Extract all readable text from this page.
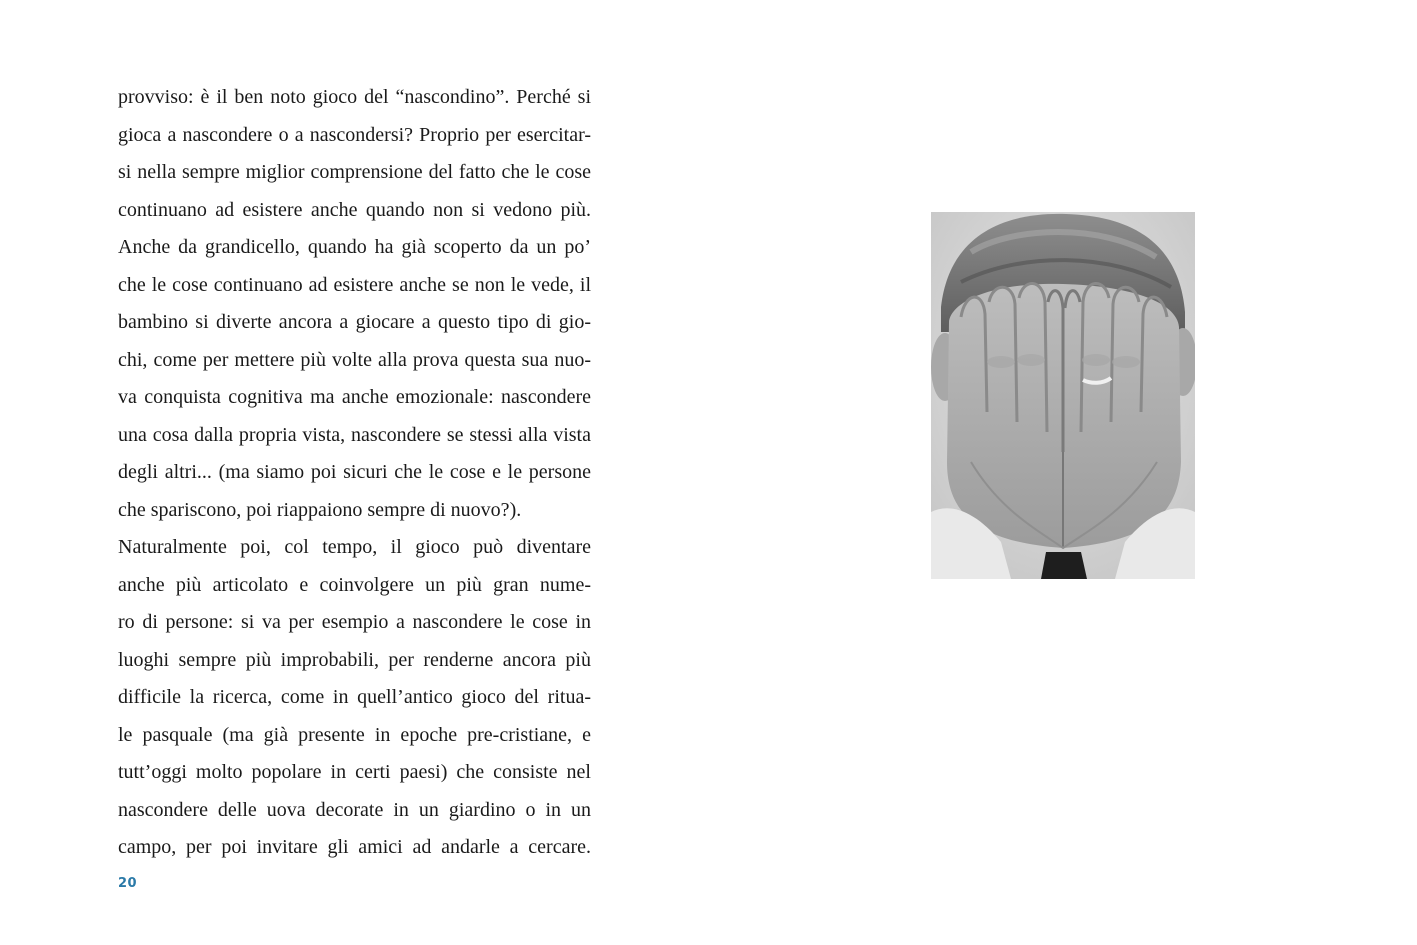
provviso: è il ben noto gioco del “nascondino”. Perché si
gioca a nascondere o a nascondersi? Proprio per esercitar-
si nella sempre miglior comprensione del fatto che le cose
continuano ad esistere anche quando non si vedono più.
Anche da grandicello, quando ha già scoperto da un po’
che le cose continuano ad esistere anche se non le vede, il
bambino si diverte ancora a giocare a questo tipo di gio-
chi, come per mettere più volte alla prova questa sua nuo-
va conquista cognitiva ma anche emozionale: nascondere
una cosa dalla propria vista, nascondere se stessi alla vista
degli altri... (ma siamo poi sicuri che le cose e le persone
che spariscono, poi riappaiono sempre di nuovo?).
Naturalmente poi, col tempo, il gioco può diventare
anche più articolato e coinvolgere un più gran nume-
ro di persone: si va per esempio a nascondere le cose in
luoghi sempre più improbabili, per renderne ancora più
difficile la ricerca, come in quell’antico gioco del ritua-
le pasquale (ma già presente in epoche pre-cristiane, e
tutt’oggi molto popolare in certi paesi) che consiste nel
nascondere delle uova decorate in un giardino o in un
campo, per poi invitare gli amici ad andarle a cercare.
20
